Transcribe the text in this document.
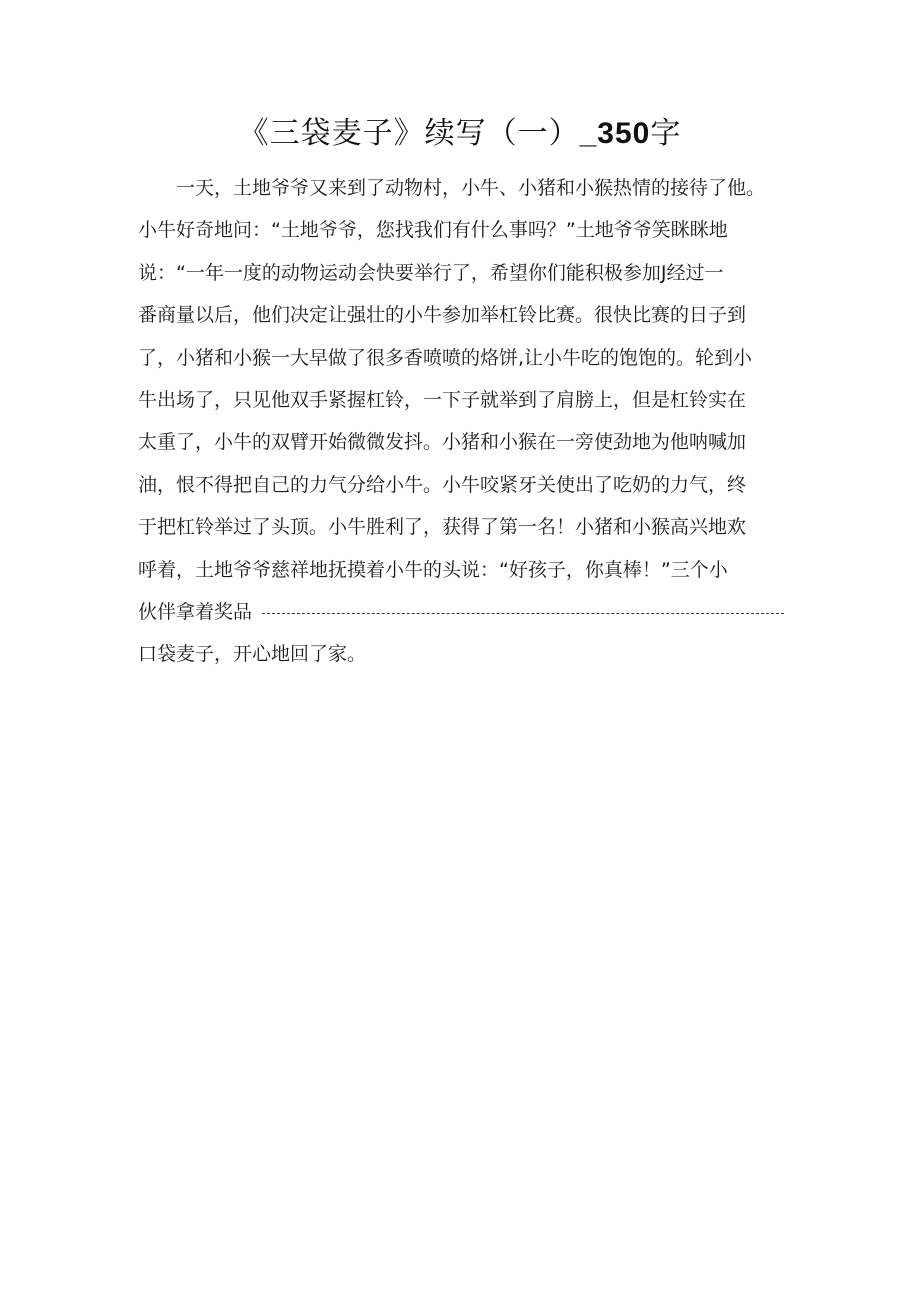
《三袋麦子》续写（一）_350字
一天，土地爷爷又来到了动物村，小牛、小猪和小猴热情的接待了他。
小牛好奇地问：“土地爷爷，您找我们有什么事吗？”土地爷爷笑眯眯地
说：“一年一度的动物运动会快要举行了，希望你们能积极参加J经过一
番商量以后，他们决定让强壮的小牛参加举杠铃比赛。很快比赛的日子到
了，小猪和小猴一大早做了很多香喷喷的烙饼,让小牛吃的饱饱的。轮到小
牛出场了，只见他双手紧握杠铃，一下子就举到了肩膀上，但是杠铃实在
太重了，小牛的双臂开始微微发抖。小猪和小猴在一旁使劲地为他呐喊加
油，恨不得把自己的力气分给小牛。小牛咬紧牙关使出了吃奶的力气，终
于把杠铃举过了头顶。小牛胜利了，获得了第一名！小猪和小猴高兴地欢
呼着，土地爷爷慈祥地抚摸着小牛的头说：“好孩子，你真棒！”三个小
伙伴拿着奖品
口袋麦子，开心地回了家。
